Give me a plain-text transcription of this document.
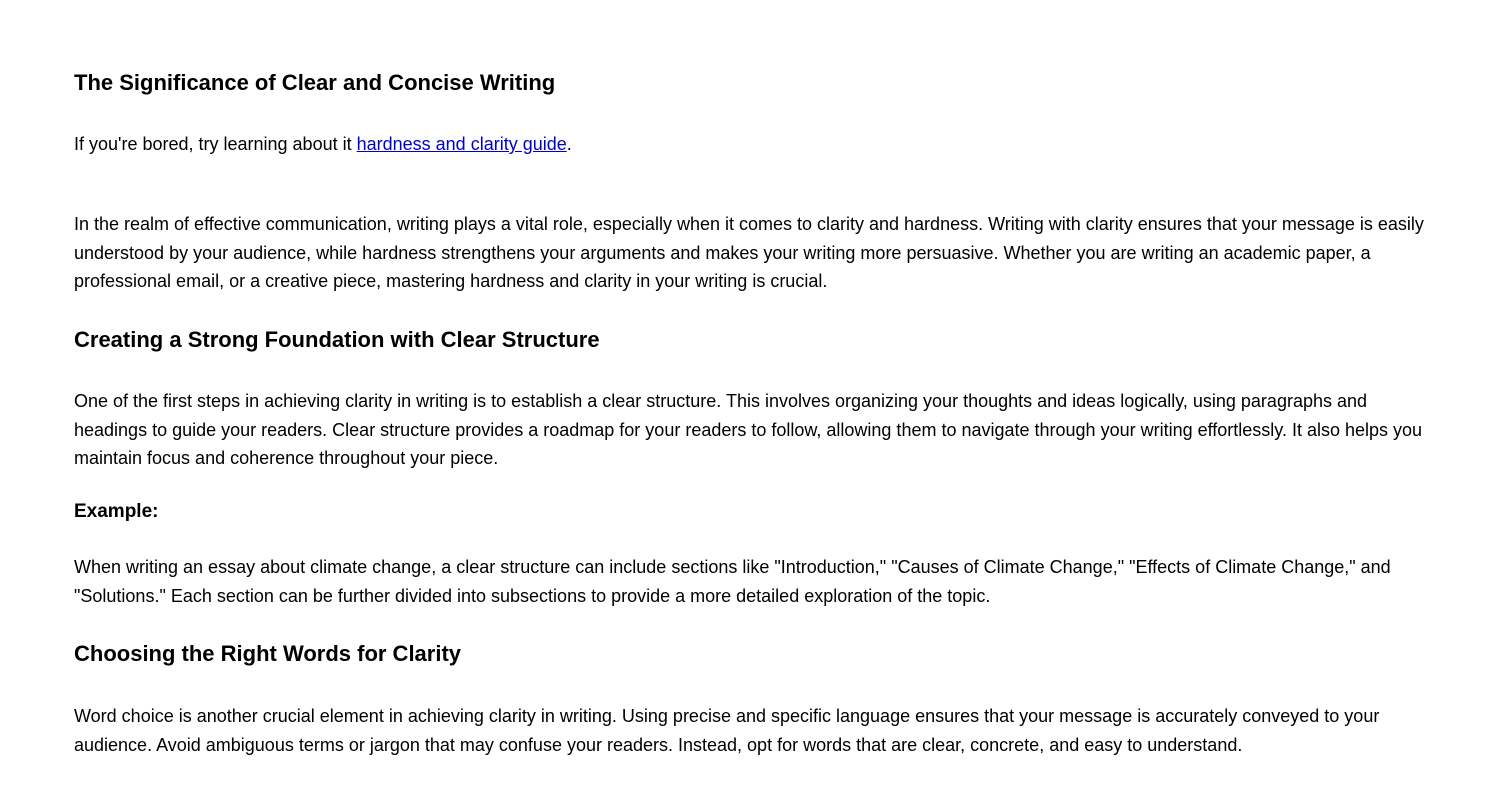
The Significance of Clear and Concise Writing

If you're bored, try learning about it hardness and clarity guide.

In the realm of effective communication, writing plays a vital role, especially when it comes to clarity and hardness. Writing with clarity ensures that your message is easily understood by your audience, while hardness strengthens your arguments and makes your writing more persuasive. Whether you are writing an academic paper, a professional email, or a creative piece, mastering hardness and clarity in your writing is crucial.

Creating a Strong Foundation with Clear Structure

One of the first steps in achieving clarity in writing is to establish a clear structure. This involves organizing your thoughts and ideas logically, using paragraphs and headings to guide your readers. Clear structure provides a roadmap for your readers to follow, allowing them to navigate through your writing effortlessly. It also helps you maintain focus and coherence throughout your piece.

Example:

When writing an essay about climate change, a clear structure can include sections like "Introduction," "Causes of Climate Change," "Effects of Climate Change," and "Solutions." Each section can be further divided into subsections to provide a more detailed exploration of the topic.

Choosing the Right Words for Clarity

Word choice is another crucial element in achieving clarity in writing. Using precise and specific language ensures that your message is accurately conveyed to your audience. Avoid ambiguous terms or jargon that may confuse your readers. Instead, opt for words that are clear, concrete, and easy to understand.
